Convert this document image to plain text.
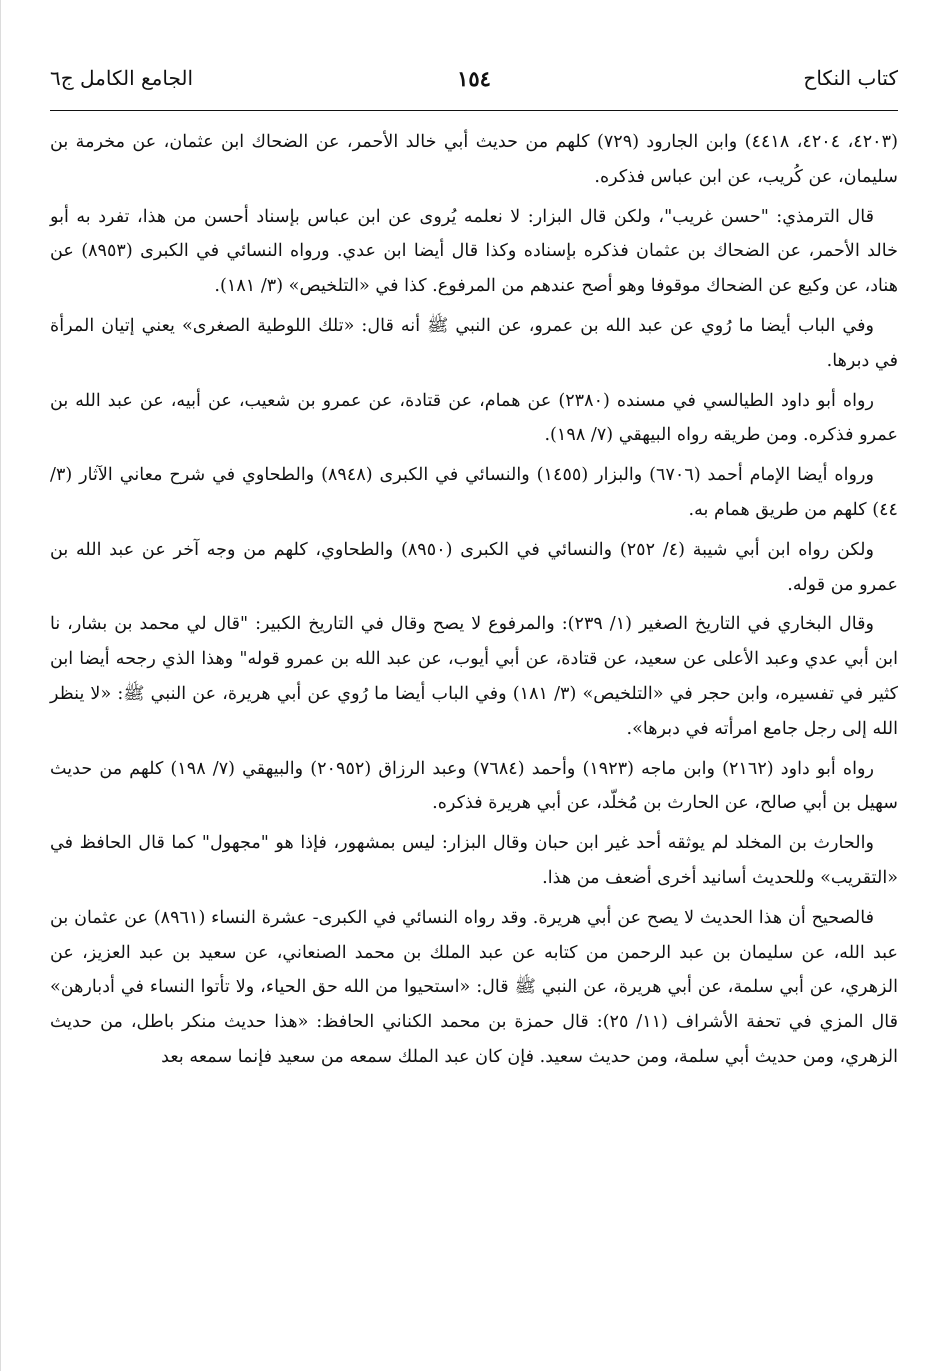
كتاب النكاح
١٥٤
الجامع الكامل ج٦

(٤٢٠٣، ٤٢٠٤، ٤٤١٨) وابن الجارود (٧٢٩) كلهم من حديث أبي خالد الأحمر، عن الضحاك ابن عثمان، عن مخرمة بن سليمان، عن كُريب، عن ابن عباس فذكره.

قال الترمذي: "حسن غريب"، ولكن قال البزار: لا نعلمه يُروى عن ابن عباس بإسناد أحسن من هذا، تفرد به أبو خالد الأحمر، عن الضحاك بن عثمان فذكره بإسناده وكذا قال أيضا ابن عدي. ورواه النسائي في الكبرى (٨٩٥٣) عن هناد، عن وكيع عن الضحاك موقوفا وهو أصح عندهم من المرفوع. كذا في «التلخيص» (٣/ ١٨١).

وفي الباب أيضا ما رُوي عن عبد الله بن عمرو، عن النبي ﷺ أنه قال: «تلك اللوطية الصغرى» يعني إتيان المرأة في دبرها.

رواه أبو داود الطيالسي في مسنده (٢٣٨٠) عن همام، عن قتادة، عن عمرو بن شعيب، عن أبيه، عن عبد الله بن عمرو فذكره. ومن طريقه رواه البيهقي (٧/ ١٩٨).

ورواه أيضا الإمام أحمد (٦٧٠٦) والبزار (١٤٥٥) والنسائي في الكبرى (٨٩٤٨) والطحاوي في شرح معاني الآثار (٣/ ٤٤) كلهم من طريق همام به.

ولكن رواه ابن أبي شيبة (٤/ ٢٥٢) والنسائي في الكبرى (٨٩٥٠) والطحاوي، كلهم من وجه آخر عن عبد الله بن عمرو من قوله.

وقال البخاري في التاريخ الصغير (١/ ٢٣٩): والمرفوع لا يصح وقال في التاريخ الكبير: "قال لي محمد بن بشار، نا ابن أبي عدي وعبد الأعلى عن سعيد، عن قتادة، عن أبي أيوب، عن عبد الله بن عمرو قوله" وهذا الذي رجحه أيضا ابن كثير في تفسيره، وابن حجر في «التلخيص» (٣/ ١٨١) وفي الباب أيضا ما رُوي عن أبي هريرة، عن النبي ﷺ: «لا ينظر الله إلى رجل جامع امرأته في دبرها».

رواه أبو داود (٢١٦٢) وابن ماجه (١٩٢٣) وأحمد (٧٦٨٤) وعبد الرزاق (٢٠٩٥٢) والبيهقي (٧/ ١٩٨) كلهم من حديث سهيل بن أبي صالح، عن الحارث بن مُخلّد، عن أبي هريرة فذكره.

والحارث بن المخلد لم يوثقه أحد غير ابن حبان وقال البزار: ليس بمشهور، فإذا هو "مجهول" كما قال الحافظ في «التقريب» وللحديث أسانيد أخرى أضعف من هذا.

فالصحيح أن هذا الحديث لا يصح عن أبي هريرة. وقد رواه النسائي في الكبرى- عشرة النساء (٨٩٦١) عن عثمان بن عبد الله، عن سليمان بن عبد الرحمن من كتابه عن عبد الملك بن محمد الصنعاني، عن سعيد بن عبد العزيز، عن الزهري، عن أبي سلمة، عن أبي هريرة، عن النبي ﷺ قال: «استحيوا من الله حق الحياء، ولا تأتوا النساء في أدبارهن» قال المزي في تحفة الأشراف (١١/ ٢٥): قال حمزة بن محمد الكناني الحافظ: «هذا حديث منكر باطل، من حديث الزهري، ومن حديث أبي سلمة، ومن حديث سعيد. فإن كان عبد الملك سمعه من سعيد فإنما سمعه بعد
